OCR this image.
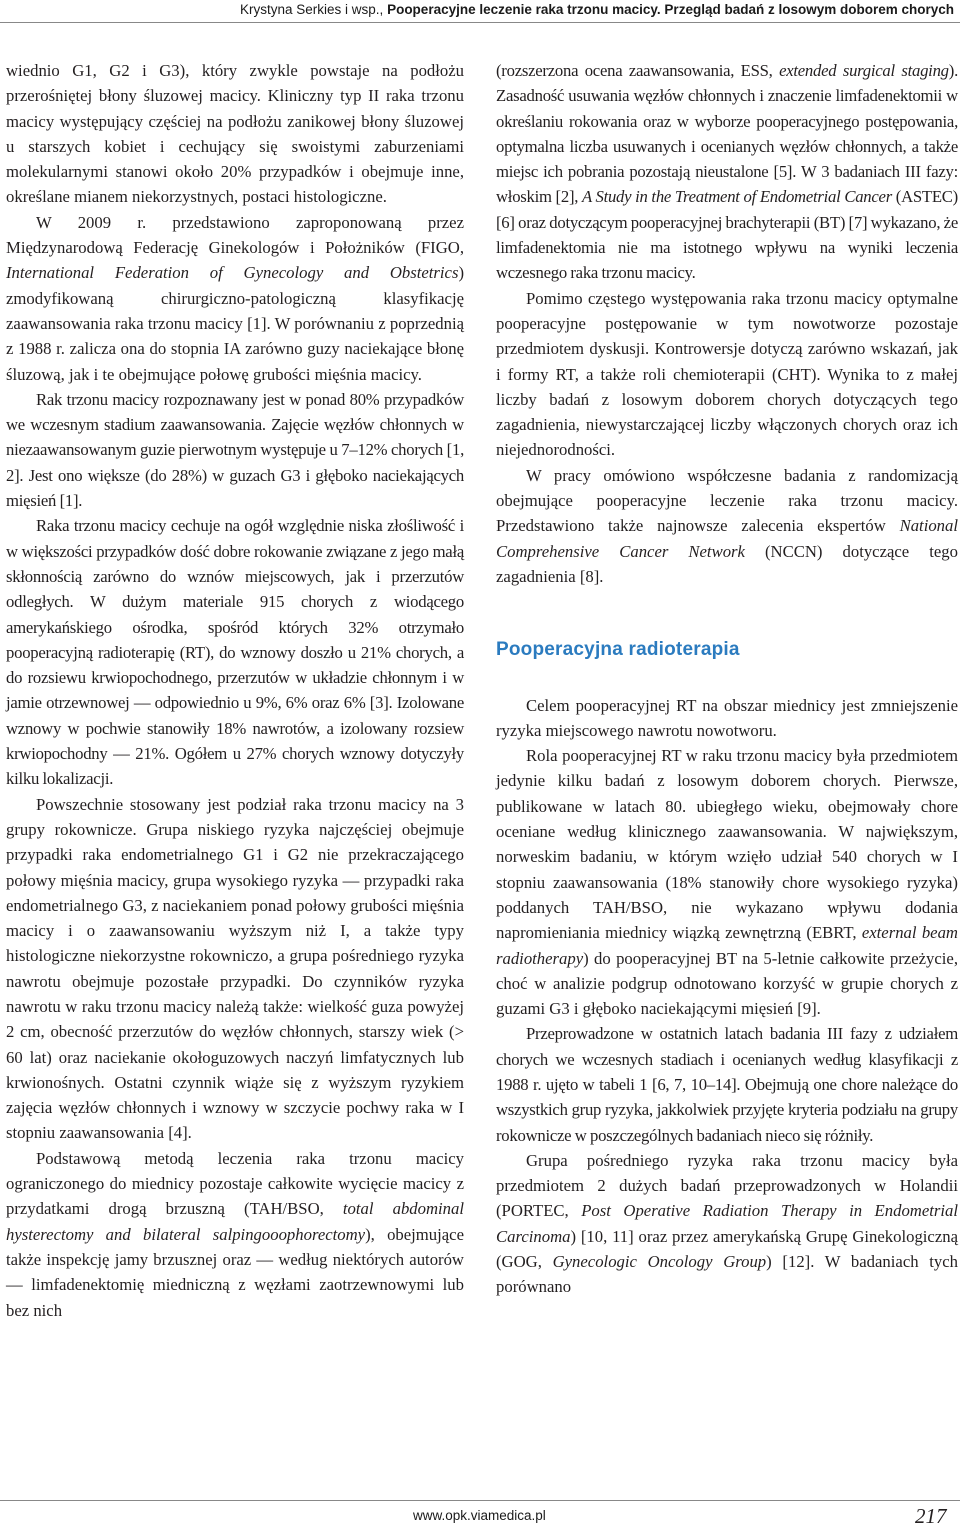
Krystyna Serkies i wsp., Pooperacyjne leczenie raka trzonu macicy. Przegląd badań z losowym doborem chorych

wiednio G1, G2 i G3), który zwykle powstaje na podłożu przerośniętej błony śluzowej macicy. Kliniczny typ II raka trzonu macicy występujący częściej na podłożu zanikowej błony śluzowej u starszych kobiet i cechujący się swoistymi zaburzeniami molekularnymi stanowi około 20% przypadków i obejmuje inne, określane mianem niekorzystnych, postaci histologiczne.

W 2009 r. przedstawiono zaproponowaną przez Międzynarodową Federację Ginekologów i Położników (FIGO, International Federation of Gynecology and Obstetrics) zmodyfikowaną chirurgiczno-patologiczną klasyfikację zaawansowania raka trzonu macicy [1]. W porównaniu z poprzednią z 1988 r. zalicza ona do stopnia IA zarówno guzy naciekające błonę śluzową, jak i te obejmujące połowę grubości mięśnia macicy.

Rak trzonu macicy rozpoznawany jest w ponad 80% przypadków we wczesnym stadium zaawansowania. Zajęcie węzłów chłonnych w niezaawansowanym guzie pierwotnym występuje u 7–12% chorych [1, 2]. Jest ono większe (do 28%) w guzach G3 i głęboko naciekających mięsień [1].

Raka trzonu macicy cechuje na ogół względnie niska złośliwość i w większości przypadków dość dobre rokowanie związane z jego małą skłonnością zarówno do wznów miejscowych, jak i przerzutów odległych. W dużym materiale 915 chorych z wiodącego amerykańskiego ośrodka, spośród których 32% otrzymało pooperacyjną radioterapię (RT), do wznowy doszło u 21% chorych, a do rozsiewu krwiopochodnego, przerzutów w układzie chłonnym i w jamie otrzewnowej — odpowiednio u 9%, 6% oraz 6% [3]. Izolowane wznowy w pochwie stanowiły 18% nawrotów, a izolowany rozsiew krwiopochodny — 21%. Ogółem u 27% chorych wznowy dotyczyły kilku lokalizacji.

Powszechnie stosowany jest podział raka trzonu macicy na 3 grupy rokownicze. Grupa niskiego ryzyka najczęściej obejmuje przypadki raka endometrialnego G1 i G2 nie przekraczającego połowy mięśnia macicy, grupa wysokiego ryzyka — przypadki raka endometrialnego G3, z naciekaniem ponad połowy grubości mięśnia macicy i o zaawansowaniu wyższym niż I, a także typy histologiczne niekorzystne rokowniczo, a grupa pośredniego ryzyka nawrotu obejmuje pozostałe przypadki. Do czynników ryzyka nawrotu w raku trzonu macicy należą także: wielkość guza powyżej 2 cm, obecność przerzutów do węzłów chłonnych, starszy wiek (> 60 lat) oraz naciekanie okołoguzowych naczyń limfatycznych lub krwionośnych. Ostatni czynnik wiąże się z wyższym ryzykiem zajęcia węzłów chłonnych i wznowy w szczycie pochwy raka w I stopniu zaawansowania [4].

Podstawową metodą leczenia raka trzonu macicy ograniczonego do miednicy pozostaje całkowite wycięcie macicy z przydatkami drogą brzuszną (TAH/BSO, total abdominal hysterectomy and bilateral salpingooophorectomy), obejmujące także inspekcję jamy brzusznej oraz — według niektórych autorów — limfadenektomię miedniczną z węzłami zaotrzewnowymi lub bez nich

(rozszerzona ocena zaawansowania, ESS, extended surgical staging). Zasadność usuwania węzłów chłonnych i znaczenie limfadenektomii w określaniu rokowania oraz w wyborze pooperacyjnego postępowania, optymalna liczba usuwanych i ocenianych węzłów chłonnych, a także miejsc ich pobrania pozostają nieustalone [5]. W 3 badaniach III fazy: włoskim [2], A Study in the Treatment of Endometrial Cancer (ASTEC) [6] oraz dotyczącym pooperacyjnej brachyterapii (BT) [7] wykazano, że limfadenektomia nie ma istotnego wpływu na wyniki leczenia wczesnego raka trzonu macicy.

Pomimo częstego występowania raka trzonu macicy optymalne pooperacyjne postępowanie w tym nowotworze pozostaje przedmiotem dyskusji. Kontrowersje dotyczą zarówno wskazań, jak i formy RT, a także roli chemioterapii (CHT). Wynika to z małej liczby badań z losowym doborem chorych dotyczących tego zagadnienia, niewystarczającej liczby włączonych chorych oraz ich niejednorodności.

W pracy omówiono współczesne badania z randomizacją obejmujące pooperacyjne leczenie raka trzonu macicy. Przedstawiono także najnowsze zalecenia ekspertów National Comprehensive Cancer Network (NCCN) dotyczące tego zagadnienia [8].

Pooperacyjna radioterapia

Celem pooperacyjnej RT na obszar miednicy jest zmniejszenie ryzyka miejscowego nawrotu nowotworu.

Rola pooperacyjnej RT w raku trzonu macicy była przedmiotem jedynie kilku badań z losowym doborem chorych. Pierwsze, publikowane w latach 80. ubiegłego wieku, obejmowały chore oceniane według klinicznego zaawansowania. W największym, norweskim badaniu, w którym wzięło udział 540 chorych w I stopniu zaawansowania (18% stanowiły chore wysokiego ryzyka) poddanych TAH/BSO, nie wykazano wpływu dodania napromieniania miednicy wiązką zewnętrzną (EBRT, external beam radiotherapy) do pooperacyjnej BT na 5-letnie całkowite przeżycie, choć w analizie podgrup odnotowano korzyść w grupie chorych z guzami G3 i głęboko naciekającymi mięsień [9].

Przeprowadzone w ostatnich latach badania III fazy z udziałem chorych we wczesnych stadiach i ocenianych według klasyfikacji z 1988 r. ujęto w tabeli 1 [6, 7, 10–14]. Obejmują one chore należące do wszystkich grup ryzyka, jakkolwiek przyjęte kryteria podziału na grupy rokownicze w poszczególnych badaniach nieco się różniły.

Grupa pośredniego ryzyka raka trzonu macicy była przedmiotem 2 dużych badań przeprowadzonych w Holandii (PORTEC, Post Operative Radiation Therapy in Endometrial Carcinoma) [10, 11] oraz przez amerykańską Grupę Ginekologiczną (GOG, Gynecologic Oncology Group) [12]. W badaniach tych porównano

www.opk.viamedica.pl	217
